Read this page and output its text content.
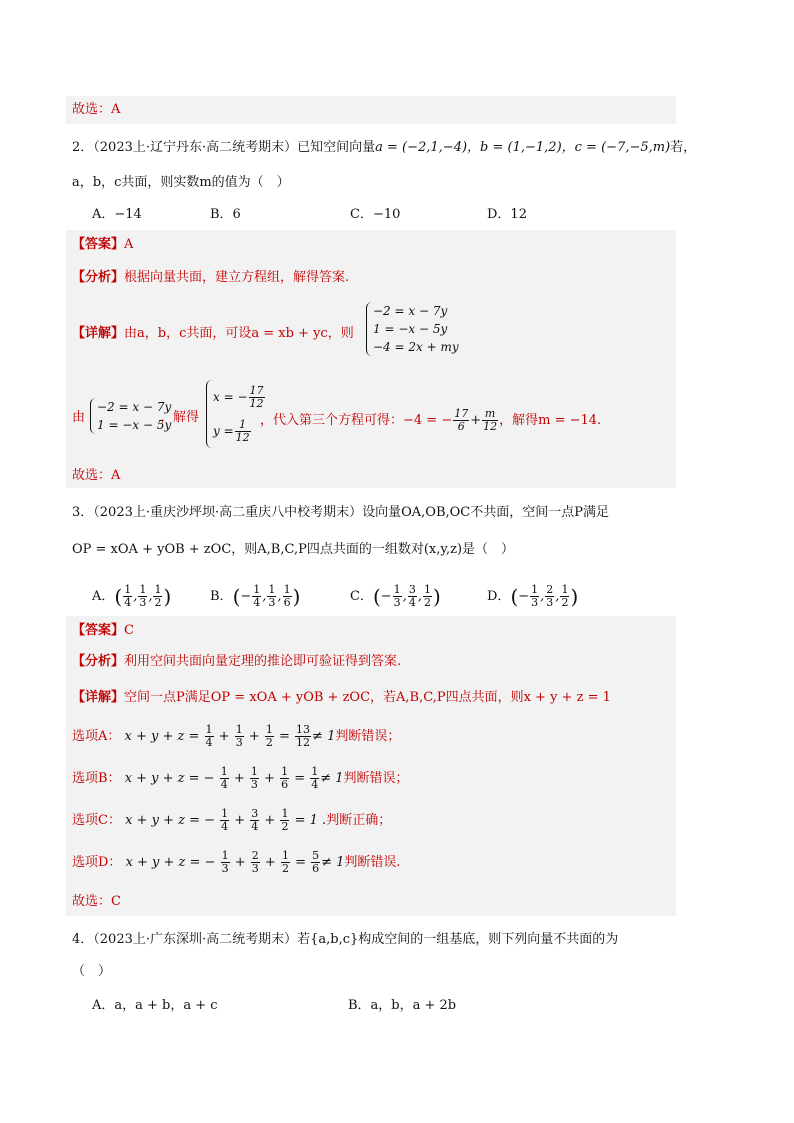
故选：A
2．（2023上·辽宁丹东·高二统考期末）已知空间向量a = (−2,1,−4)，b = (1,−1,2)，c = (−7,−5,m)若，
a，b，c共面，则实数m的值为（　）
A．−14	B．6	C．−10	D．12
【答案】A
【分析】根据向量共面，建立方程组，解得答案.
【详解】由a，b，c共面，可设a = xb + yc，则
−2 = x − 7y
1 = −x − 5y
−4 = 2x + my
由
−2 = x − 7y
1 = −x − 5y
，解得
x = − $\frac{17}{12}$
$y = \frac{1}{12}$ ，代入第三个方程可得：−4 = − $\frac{17}{6} + \frac{m}{12}$ ，解得m = −14.
故选：A
3．（2023上·重庆沙坪坝·高二重庆八中校考期末）设向量OA,OB,OC不共面，空间一点P满足
OP = xOA + yOB + zOC，则A,B,C,P四点共面的一组数对(x,y,z)是（　）
A．( $\frac{1}{4}$ , $\frac{1}{3}$ , $\frac{1}{2}$ )	B．(− $\frac{1}{4}$ , $\frac{1}{3}$ , $\frac{1}{6}$ )	C．(− $\frac{1}{3}$ , $\frac{3}{4}$ , $\frac{1}{2}$ )	D．(− $\frac{1}{3}$ , $\frac{2}{3}$ , $\frac{1}{2}$ )
【答案】C
【分析】利用空间共面向量定理的推论即可验证得到答案.
【详解】空间一点P满足OP = xOA + yOB + zOC，若A,B,C,P四点共面，则x + y + z = 1
选项A： $x + y + z = \frac{1}{4} + \frac{1}{3} + \frac{1}{2} = \frac{13}{12} \ne 1$判断错误；
选项B： x + y + z = − $\frac{1}{4} + \frac{1}{3} + \frac{1}{6} = \frac{1}{4} \ne 1$判断错误；
选项C： x + y + z = − $\frac{1}{4} + \frac{3}{4} + \frac{1}{2} = 1$ .判断正确；
选项D： x + y + z = − $\frac{1}{3} + \frac{2}{3} + \frac{1}{2} = \frac{5}{6} \ne 1$判断错误.
故选：C
4．（2023上·广东深圳·高二统考期末）若{a,b,c}构成空间的一组基底，则下列向量不共面的为
（　）
A．a，a + b，a + c	B．a，b，a + 2b
